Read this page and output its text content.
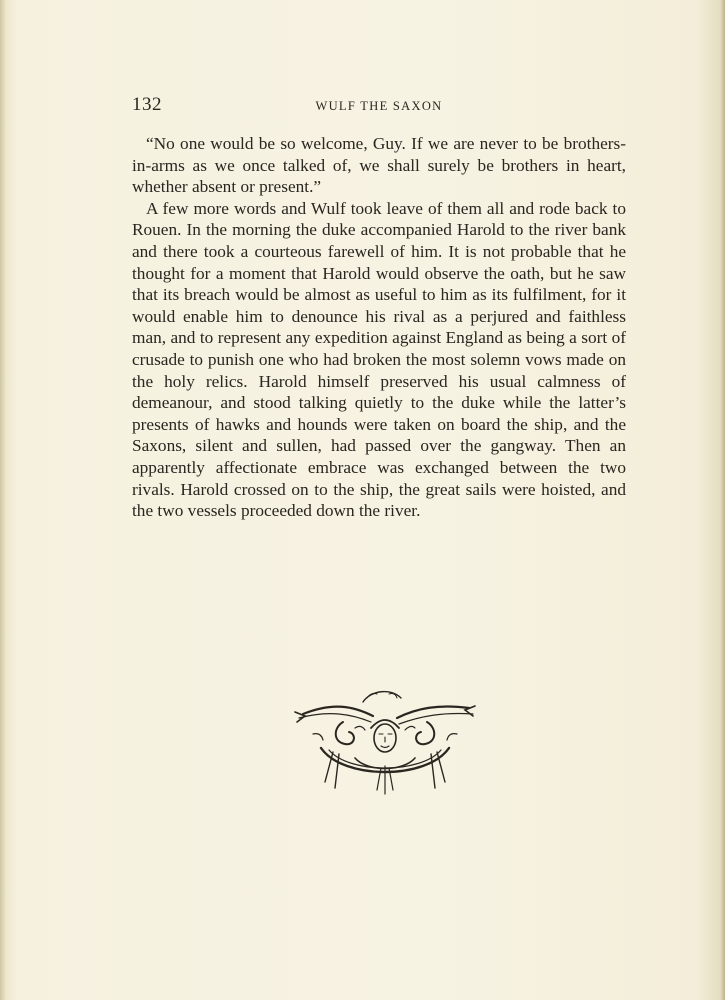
132	WULF THE SAXON

“No one would be so welcome, Guy. If we are never to be brothers-in-arms as we once talked of, we shall surely be brothers in heart, whether absent or present.”

A few more words and Wulf took leave of them all and rode back to Rouen. In the morning the duke accompanied Harold to the river bank and there took a courteous farewell of him. It is not probable that he thought for a moment that Harold would observe the oath, but he saw that its breach would be almost as useful to him as its fulfilment, for it would enable him to denounce his rival as a perjured and faithless man, and to represent any expedition against England as being a sort of crusade to punish one who had broken the most solemn vows made on the holy relics. Harold himself preserved his usual calmness of demeanour, and stood talking quietly to the duke while the latter’s presents of hawks and hounds were taken on board the ship, and the Saxons, silent and sullen, had passed over the gangway. Then an apparently affectionate embrace was exchanged between the two rivals. Harold crossed on to the ship, the great sails were hoisted, and the two vessels proceeded down the river.
